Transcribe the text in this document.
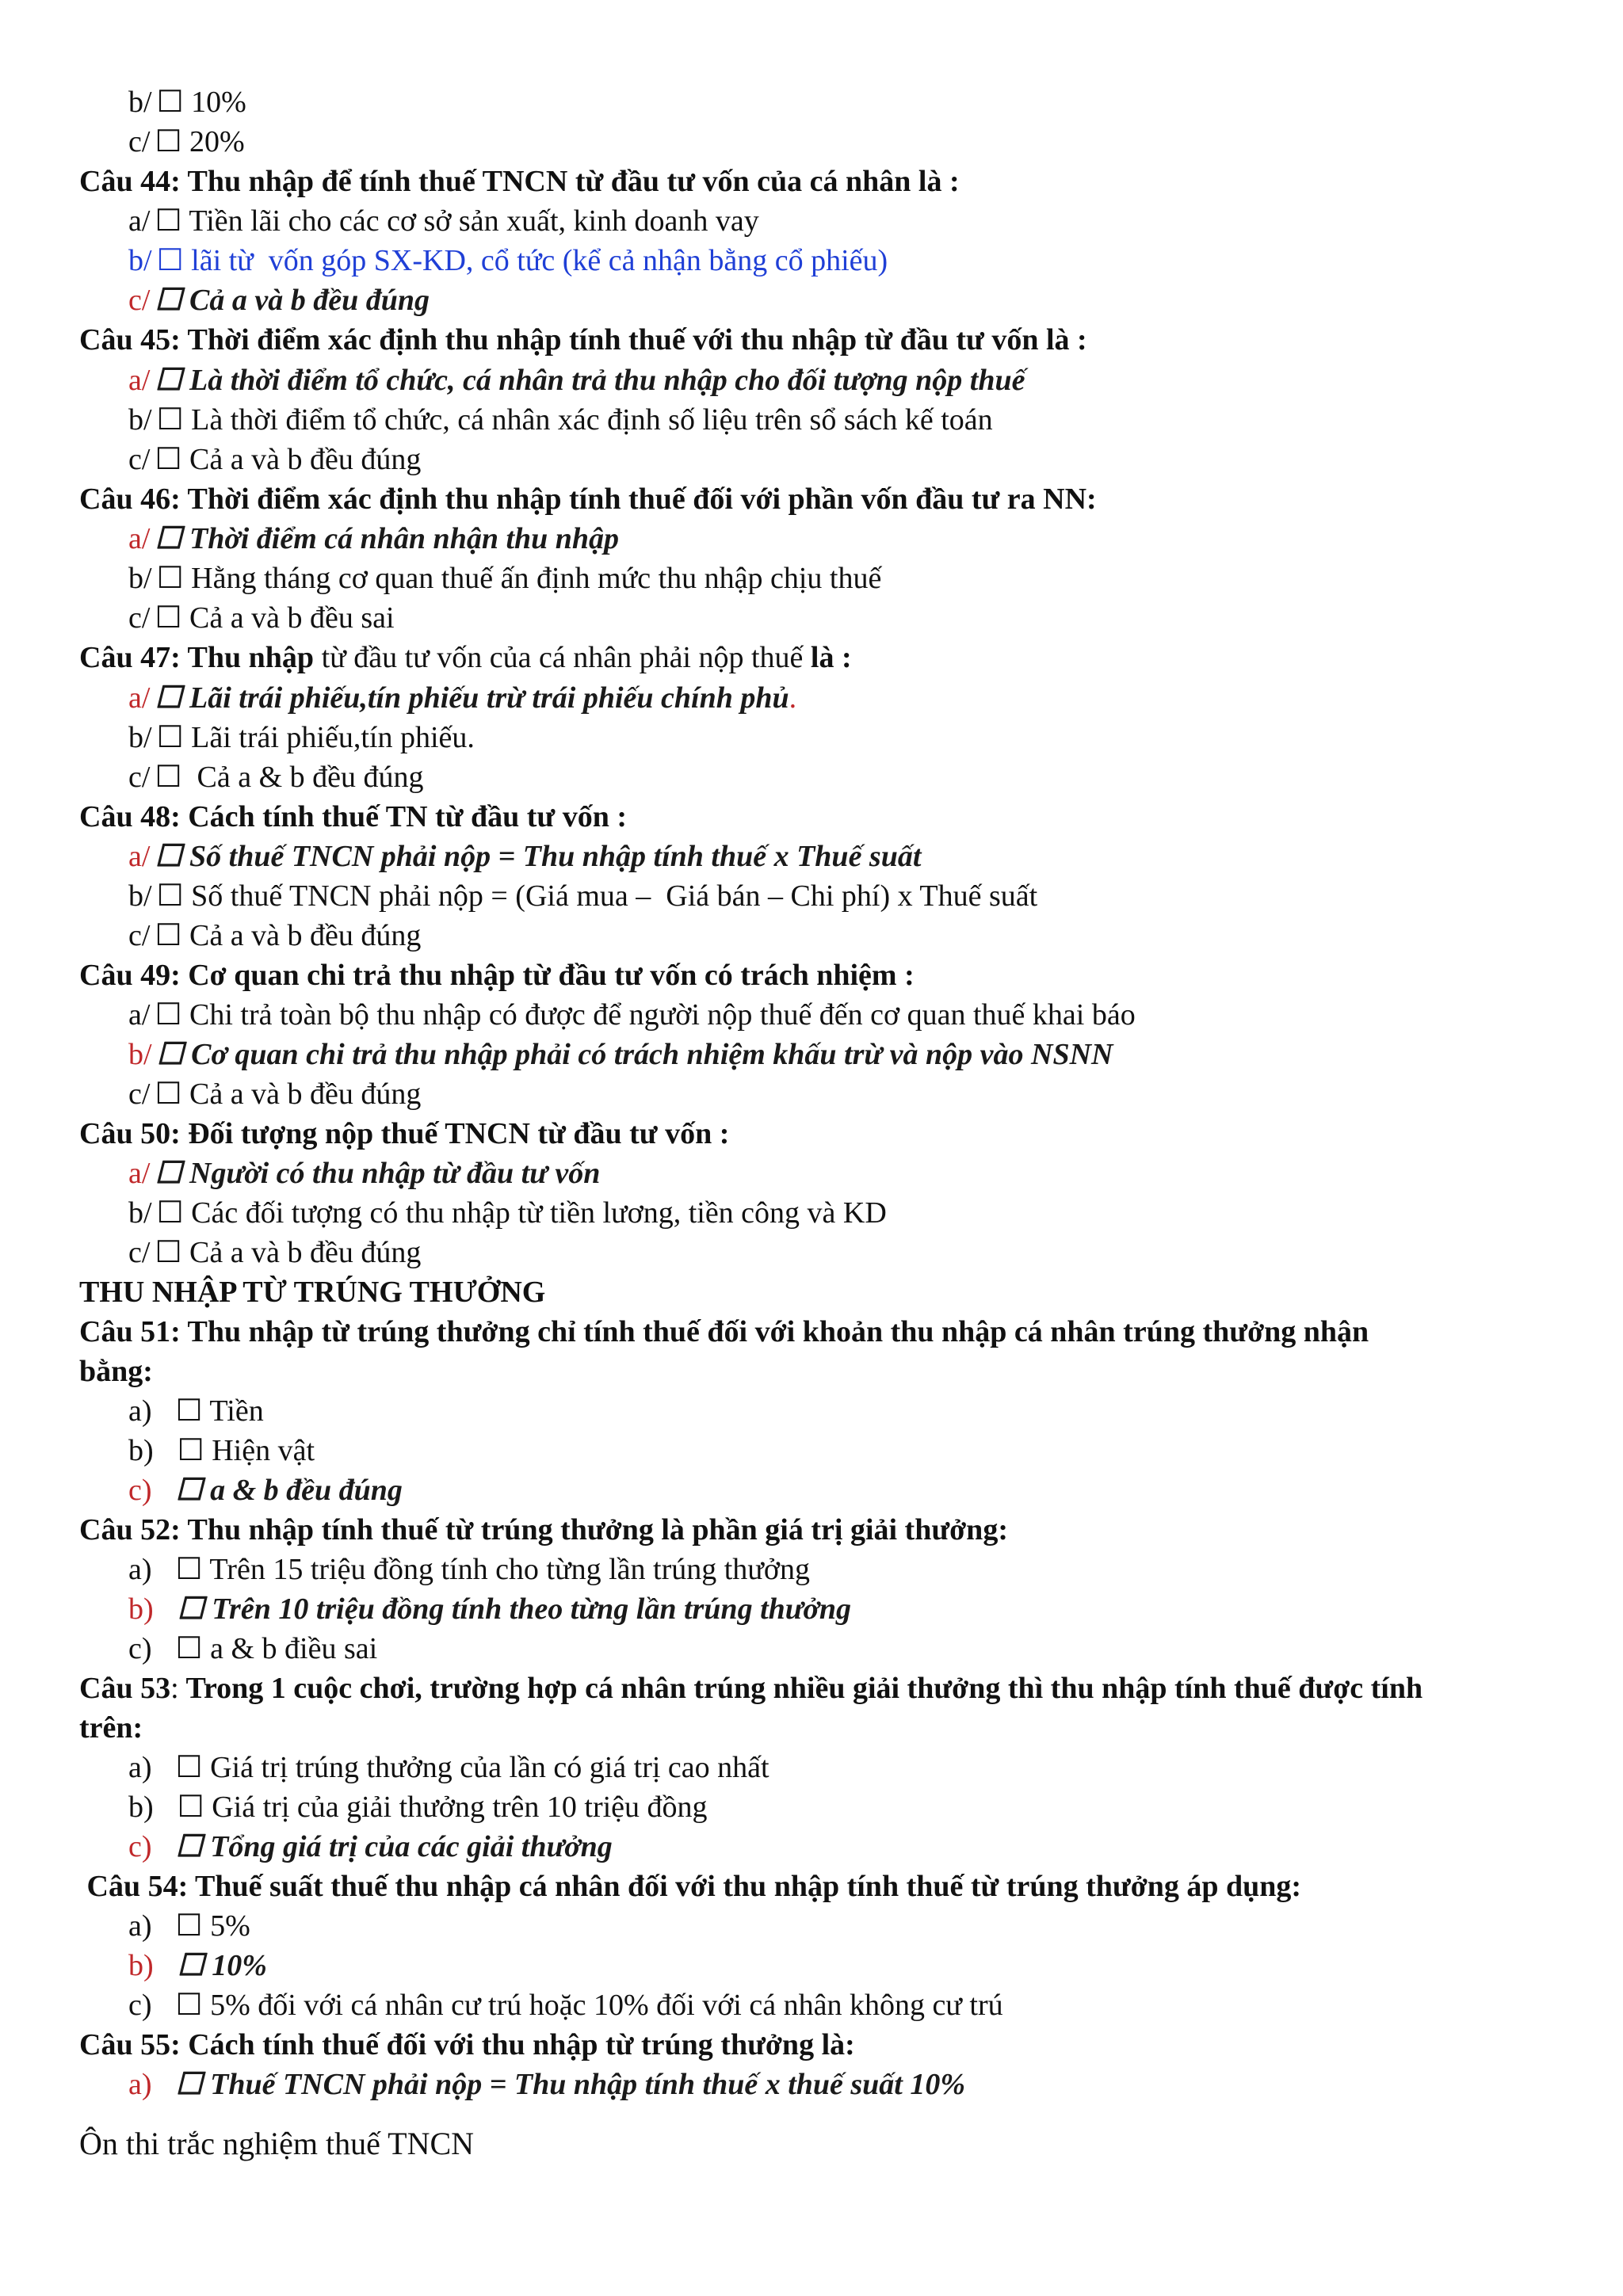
b/ ☐ 10%
c/ ☐ 20%
Câu 44: Thu nhập để tính thuế TNCN từ đầu tư vốn của cá nhân là :
a/ ☐ Tiền lãi cho các cơ sở sản xuất, kinh doanh vay
b/ ☐ lãi từ  vốn góp SX-KD, cổ tức (kể cả nhận bằng cổ phiếu)
c/ ☐ Cả a và b đều đúng
Câu 45: Thời điểm xác định thu nhập tính thuế với thu nhập từ đầu tư vốn là :
a/ ☐ Là thời điểm tổ chức, cá nhân trả thu nhập cho đối tượng nộp thuế
b/ ☐ Là thời điểm tổ chức, cá nhân xác định số liệu trên sổ sách kế toán
c/ ☐ Cả a và b đều đúng
Câu 46: Thời điểm xác định thu nhập tính thuế đối với phần vốn đầu tư ra NN:
a/ ☐ Thời điểm cá nhân nhận thu nhập
b/ ☐ Hằng tháng cơ quan thuế ấn định mức thu nhập chịu thuế
c/ ☐ Cả a và b đều sai
Câu 47: Thu nhập từ đầu tư vốn của cá nhân phải nộp thuế là :
a/ ☐ Lãi trái phiếu,tín phiếu trừ trái phiếu chính phủ.
b/ ☐ Lãi trái phiếu,tín phiếu.
c/ ☐  Cả a & b đều đúng
Câu 48: Cách tính thuế TN từ đầu tư vốn :
a/ ☐ Số thuế TNCN phải nộp = Thu nhập tính thuế x Thuế suất
b/ ☐ Số thuế TNCN phải nộp = (Giá mua –  Giá bán – Chi phí) x Thuế suất
c/ ☐ Cả a và b đều đúng
Câu 49: Cơ quan chi trả thu nhập từ đầu tư vốn có trách nhiệm :
a/ ☐ Chi trả toàn bộ thu nhập có được để người nộp thuế đến cơ quan thuế khai báo
b/ ☐ Cơ quan chi trả thu nhập phải có trách nhiệm khấu trừ và nộp vào NSNN
c/ ☐ Cả a và b đều đúng
Câu 50: Đối tượng nộp thuế TNCN từ đầu tư vốn :
a/ ☐ Người có thu nhập từ đầu tư vốn
b/ ☐ Các đối tượng có thu nhập từ tiền lương, tiền công và KD
c/ ☐ Cả a và b đều đúng
THU NHẬP TỪ TRÚNG THƯỞNG
Câu 51: Thu nhập từ trúng thưởng chỉ tính thuế đối với khoản thu nhập cá nhân trúng thưởng nhận
bằng:
a) ☐ Tiền
b) ☐ Hiện vật
c) ☐ a & b đều đúng
Câu 52: Thu nhập tính thuế từ trúng thưởng là phần giá trị giải thưởng:
a) ☐ Trên 15 triệu đồng tính cho từng lần trúng thưởng
b) ☐ Trên 10 triệu đồng tính theo từng lần trúng thưởng
c) ☐ a & b điều sai
Câu 53: Trong 1 cuộc chơi, trường hợp cá nhân trúng nhiều giải thưởng thì thu nhập tính thuế được tính
trên:
a) ☐ Giá trị trúng thưởng của lần có giá trị cao nhất
b) ☐ Giá trị của giải thưởng trên 10 triệu đồng
c) ☐ Tổng giá trị của các giải thưởng
Câu 54: Thuế suất thuế thu nhập cá nhân đối với thu nhập tính thuế từ trúng thưởng áp dụng:
a) ☐ 5%
b) ☐ 10%
c) ☐ 5% đối với cá nhân cư trú hoặc 10% đối với cá nhân không cư trú
Câu 55: Cách tính thuế đối với thu nhập từ trúng thưởng là:
a) ☐ Thuế TNCN phải nộp = Thu nhập tính thuế x thuế suất 10%
Ôn thi trắc nghiệm thuế TNCN
